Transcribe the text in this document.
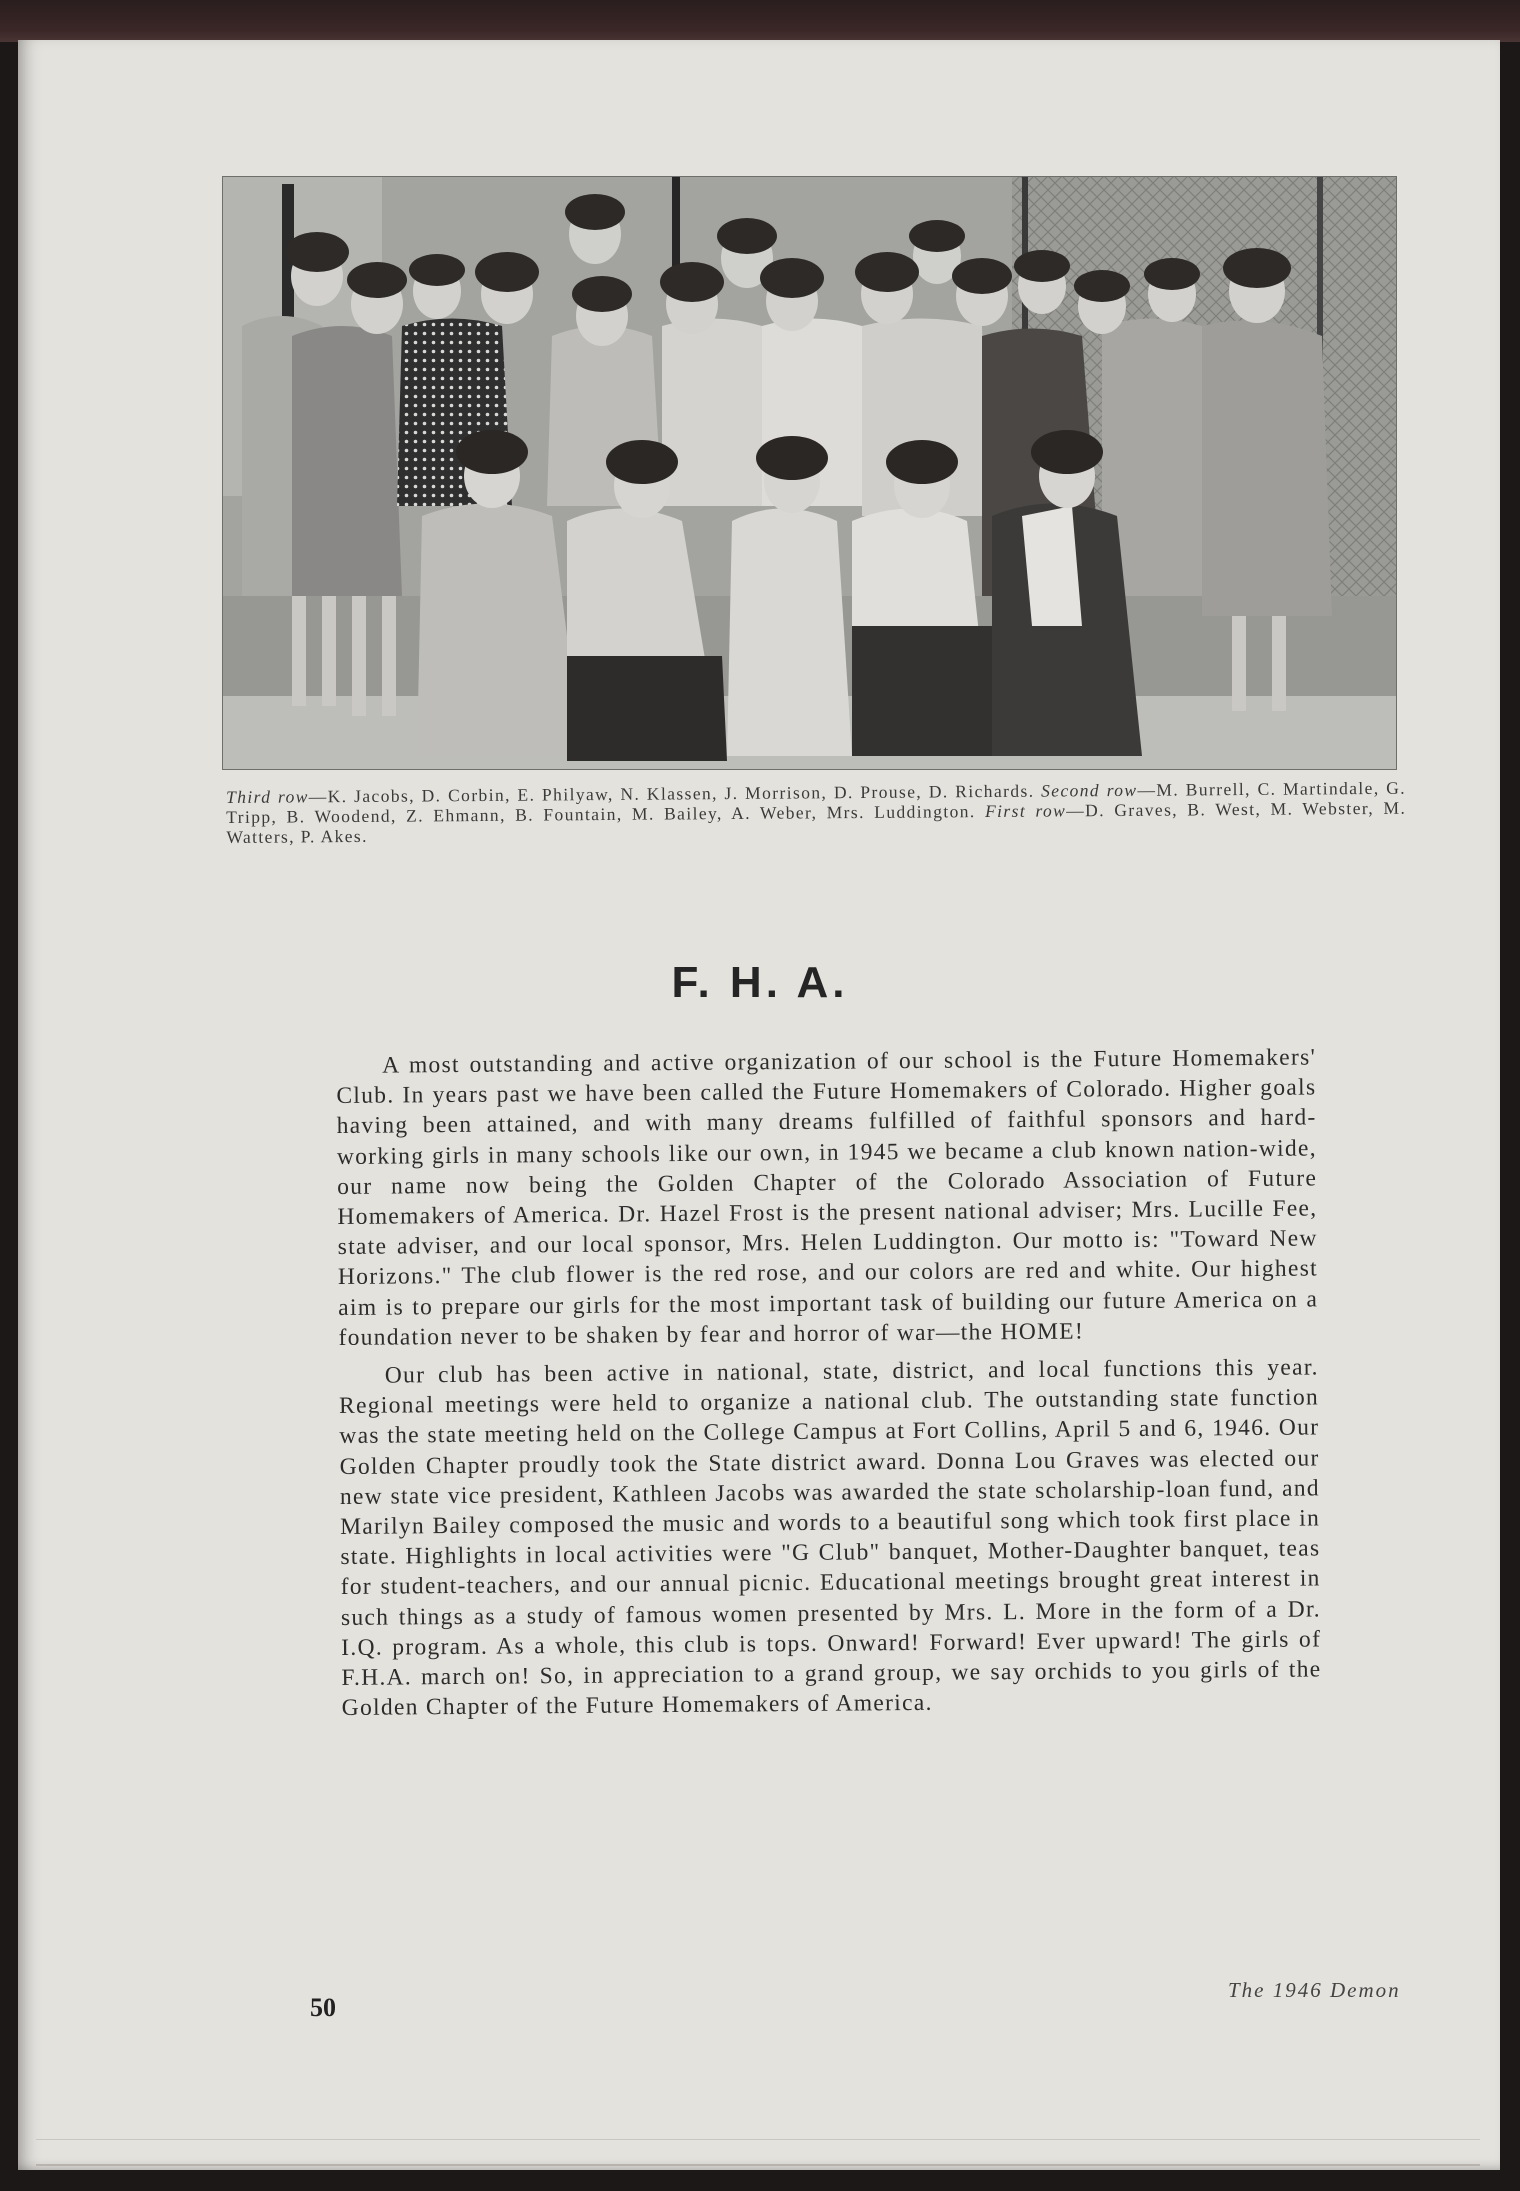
Third row—K. Jacobs, D. Corbin, E. Philyaw, N. Klassen, J. Morrison, D. Prouse, D. Richards. Second row—M. Burrell, C. Martindale, G. Tripp, B. Woodend, Z. Ehmann, B. Fountain, M. Bailey, A. Weber, Mrs. Luddington. First row—D. Graves, B. West, M. Webster, M. Watters, P. Akes.
F. H. A.

A most outstanding and active organization of our school is the Future Homemakers' Club. In years past we have been called the Future Homemakers of Colorado. Higher goals having been attained, and with many dreams fulfilled of faithful sponsors and hard-working girls in many schools like our own, in 1945 we became a club known nation-wide, our name now being the Golden Chapter of the Colorado Association of Future Homemakers of America. Dr. Hazel Frost is the present national adviser; Mrs. Lucille Fee, state adviser, and our local sponsor, Mrs. Helen Luddington. Our motto is: "Toward New Horizons." The club flower is the red rose, and our colors are red and white. Our highest aim is to prepare our girls for the most important task of building our future America on a foundation never to be shaken by fear and horror of war—the HOME!

Our club has been active in national, state, district, and local functions this year. Regional meetings were held to organize a national club. The outstanding state function was the state meeting held on the College Campus at Fort Collins, April 5 and 6, 1946. Our Golden Chapter proudly took the State district award. Donna Lou Graves was elected our new state vice president, Kathleen Jacobs was awarded the state scholarship-loan fund, and Marilyn Bailey composed the music and words to a beautiful song which took first place in state. Highlights in local activities were "G Club" banquet, Mother-Daughter banquet, teas for student-teachers, and our annual picnic. Educational meetings brought great interest in such things as a study of famous women presented by Mrs. L. More in the form of a Dr. I.Q. program. As a whole, this club is tops. Onward! Forward! Ever upward! The girls of F.H.A. march on! So, in appreciation to a grand group, we say orchids to you girls of the Golden Chapter of the Future Homemakers of America.

50
The 1946 Demon
